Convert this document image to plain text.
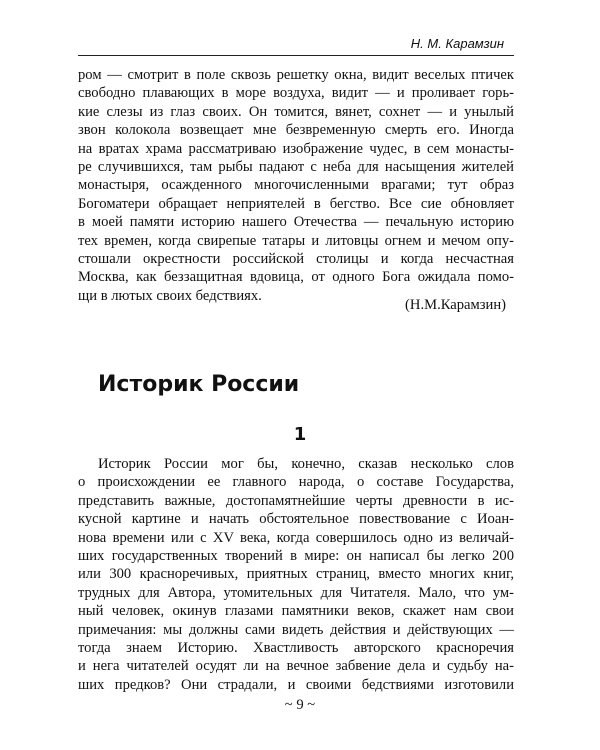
Н. М. Карамзин
ром — смотрит в поле сквозь решетку окна, видит веселых птичек
свободно плавающих в море воздуха, видит — и проливает горь-
кие слезы из глаз своих. Он томится, вянет, сохнет — и унылый
звон колокола возвещает мне безвременную смерть его. Иногда
на вратах храма рассматриваю изображение чудес, в сем монасты-
ре случившихся, там рыбы падают с неба для насыщения жителей
монастыря, осажденного многочисленными врагами; тут образ
Богоматери обращает неприятелей в бегство. Все сие обновляет
в моей памяти историю нашего Отечества — печальную историю
тех времен, когда свирепые татары и литовцы огнем и мечом опу-
стошали окрестности российской столицы и когда несчастная
Москва, как беззащитная вдовица, от одного Бога ожидала помо-
щи в лютых своих бедствиях.
(Н.М.Карамзин)
Историк России
1
Историк России мог бы, конечно, сказав несколько слов
о происхождении ее главного народа, о составе Государства,
представить важные, достопамятнейшие черты древности в ис-
кусной картине и начать обстоятельное повествование с Иоан-
нова времени или с XV века, когда совершилось одно из величай-
ших государственных творений в мире: он написал бы легко 200
или 300 красноречивых, приятных страниц, вместо многих книг,
трудных для Автора, утомительных для Читателя. Мало, что ум-
ный человек, окинув глазами памятники веков, скажет нам свои
примечания: мы должны сами видеть действия и действующих —
тогда знаем Историю. Хвастливость авторского красноречия
и нега читателей осудят ли на вечное забвение дела и судьбу на-
ших предков? Они страдали, и своими бедствиями изготовили
~ 9 ~
